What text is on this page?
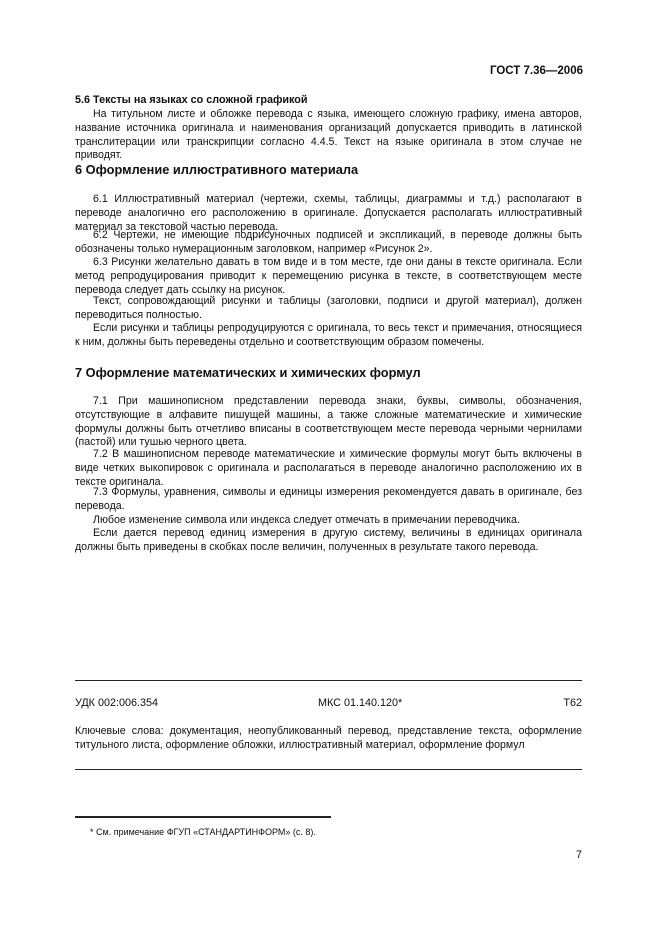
ГОСТ 7.36—2006
5.6 Тексты на языках со сложной графикой

На титульном листе и обложке перевода с языка, имеющего сложную графику, имена авторов, название источника оригинала и наименования организаций допускается приводить в латинской транслитерации или транскрипции согласно 4.4.5. Текст на языке оригинала в этом случае не приводят.

6 Оформление иллюстративного материала

6.1 Иллюстративный материал (чертежи, схемы, таблицы, диаграммы и т.д.) располагают в переводе аналогично его расположению в оригинале. Допускается располагать иллюстративный материал за текстовой частью перевода.

6.2 Чертежи, не имеющие подрисуночных подписей и экспликаций, в переводе должны быть обозначены только нумерационным заголовком, например «Рисунок 2».

6.3 Рисунки желательно давать в том виде и в том месте, где они даны в тексте оригинала. Если метод репродуцирования приводит к перемещению рисунка в тексте, в соответствующем месте перевода следует дать ссылку на рисунок.

Текст, сопровождающий рисунки и таблицы (заголовки, подписи и другой материал), должен переводиться полностью.

Если рисунки и таблицы репродуцируются с оригинала, то весь текст и примечания, относящиеся к ним, должны быть переведены отдельно и соответствующим образом помечены.

7 Оформление математических и химических формул

7.1 При машинописном представлении перевода знаки, буквы, символы, обозначения, отсутствующие в алфавите пишущей машины, а также сложные математические и химические формулы должны быть отчетливо вписаны в соответствующем месте перевода черными чернилами (пастой) или тушью черного цвета.

7.2 В машинописном переводе математические и химические формулы могут быть включены в виде четких выкопировок с оригинала и располагаться в переводе аналогично расположению их в тексте оригинала.

7.3 Формулы, уравнения, символы и единицы измерения рекомендуется давать в оригинале, без перевода.

Любое изменение символа или индекса следует отмечать в примечании переводчика.

Если дается перевод единиц измерения в другую систему, величины в единицах оригинала должны быть приведены в скобках после величин, полученных в результате такого перевода.

УДК 002:006.354	МКС 01.140.120*	Т62

Ключевые слова: документация, неопубликованный перевод, представление текста, оформление титульного листа, оформление обложки, иллюстративный материал, оформление формул

* См. примечание ФГУП «СТАНДАРТИНФОРМ» (с. 8).
7
